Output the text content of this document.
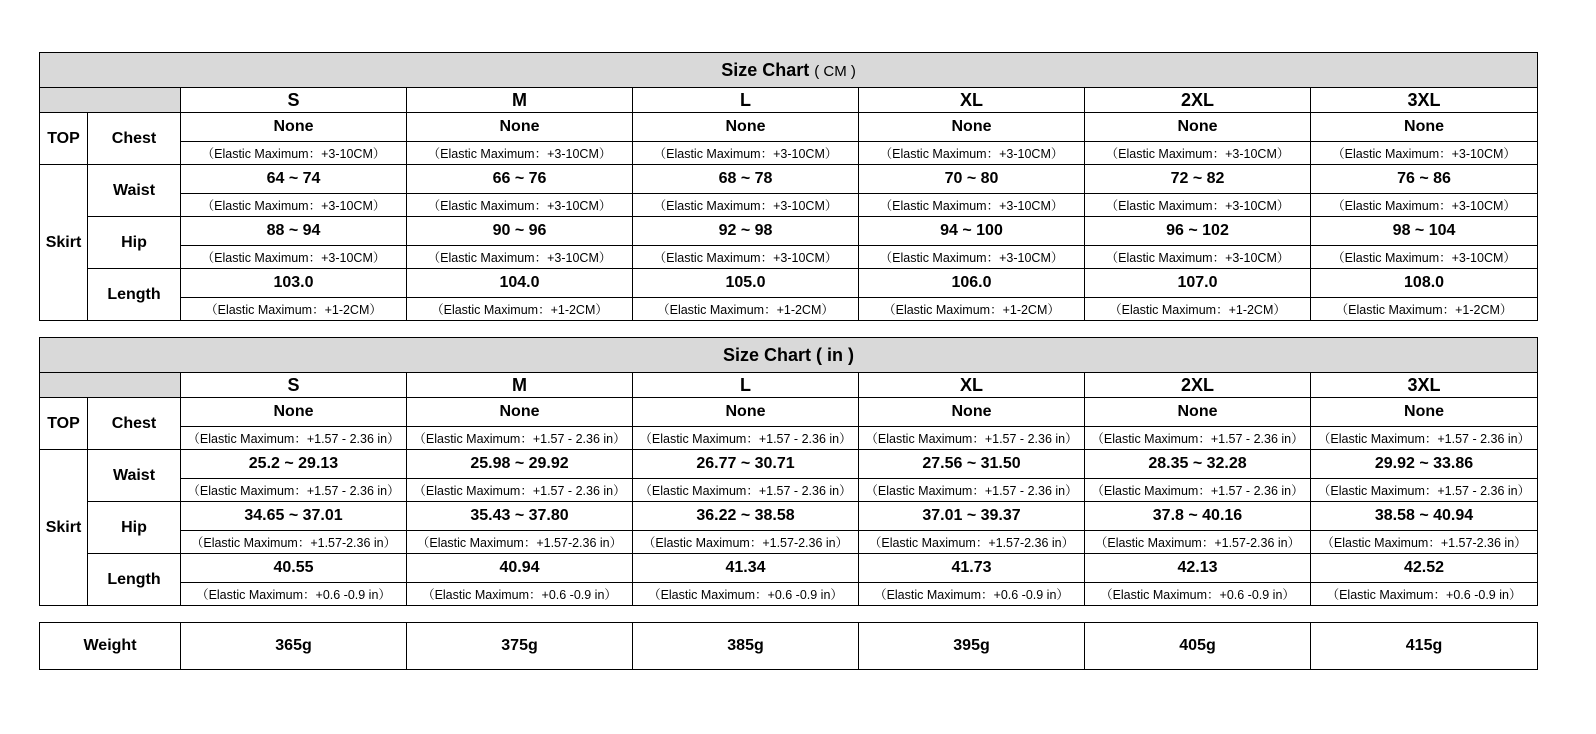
Size Chart ( CM )							
		S	M	L	XL	2XL	3XL
TOP	Chest	None	None	None	None	None	None
		（Elastic Maximum：+3-10CM）	（Elastic Maximum：+3-10CM）	（Elastic Maximum：+3-10CM）	（Elastic Maximum：+3-10CM）	（Elastic Maximum：+3-10CM）	（Elastic Maximum：+3-10CM）
Skirt	Waist	64 ~ 74	66 ~ 76	68 ~ 78	70 ~ 80	72 ~ 82	76 ~ 86
		（Elastic Maximum：+3-10CM）	（Elastic Maximum：+3-10CM）	（Elastic Maximum：+3-10CM）	（Elastic Maximum：+3-10CM）	（Elastic Maximum：+3-10CM）	（Elastic Maximum：+3-10CM）
	Hip	88 ~ 94	90 ~ 96	92 ~ 98	94 ~ 100	96 ~ 102	98 ~ 104
		（Elastic Maximum：+3-10CM）	（Elastic Maximum：+3-10CM）	（Elastic Maximum：+3-10CM）	（Elastic Maximum：+3-10CM）	（Elastic Maximum：+3-10CM）	（Elastic Maximum：+3-10CM）
	Length	103.0	104.0	105.0	106.0	107.0	108.0
		（Elastic Maximum：+1-2CM）	（Elastic Maximum：+1-2CM）	（Elastic Maximum：+1-2CM）	（Elastic Maximum：+1-2CM）	（Elastic Maximum：+1-2CM）	（Elastic Maximum：+1-2CM）
Size Chart ( in )							
		S	M	L	XL	2XL	3XL
TOP	Chest	None	None	None	None	None	None
		（Elastic Maximum：+1.57 - 2.36 in）	（Elastic Maximum：+1.57 - 2.36 in）	（Elastic Maximum：+1.57 - 2.36 in）	（Elastic Maximum：+1.57 - 2.36 in）	（Elastic Maximum：+1.57 - 2.36 in）	（Elastic Maximum：+1.57 - 2.36 in）
Skirt	Waist	25.2 ~ 29.13	25.98 ~ 29.92	26.77 ~ 30.71	27.56 ~ 31.50	28.35 ~ 32.28	29.92 ~ 33.86
		（Elastic Maximum：+1.57 - 2.36 in）	（Elastic Maximum：+1.57 - 2.36 in）	（Elastic Maximum：+1.57 - 2.36 in）	（Elastic Maximum：+1.57 - 2.36 in）	（Elastic Maximum：+1.57 - 2.36 in）	（Elastic Maximum：+1.57 - 2.36 in）
	Hip	34.65 ~ 37.01	35.43 ~ 37.80	36.22 ~ 38.58	37.01 ~ 39.37	37.8 ~ 40.16	38.58 ~ 40.94
		（Elastic Maximum：+1.57-2.36 in）	（Elastic Maximum：+1.57-2.36 in）	（Elastic Maximum：+1.57-2.36 in）	（Elastic Maximum：+1.57-2.36 in）	（Elastic Maximum：+1.57-2.36 in）	（Elastic Maximum：+1.57-2.36 in）
	Length	40.55	40.94	41.34	41.73	42.13	42.52
		（Elastic Maximum：+0.6 -0.9 in）	（Elastic Maximum：+0.6 -0.9 in）	（Elastic Maximum：+0.6 -0.9 in）	（Elastic Maximum：+0.6 -0.9 in）	（Elastic Maximum：+0.6 -0.9 in）	（Elastic Maximum：+0.6 -0.9 in）
Weight	365g	375g	385g	395g	405g	415g
